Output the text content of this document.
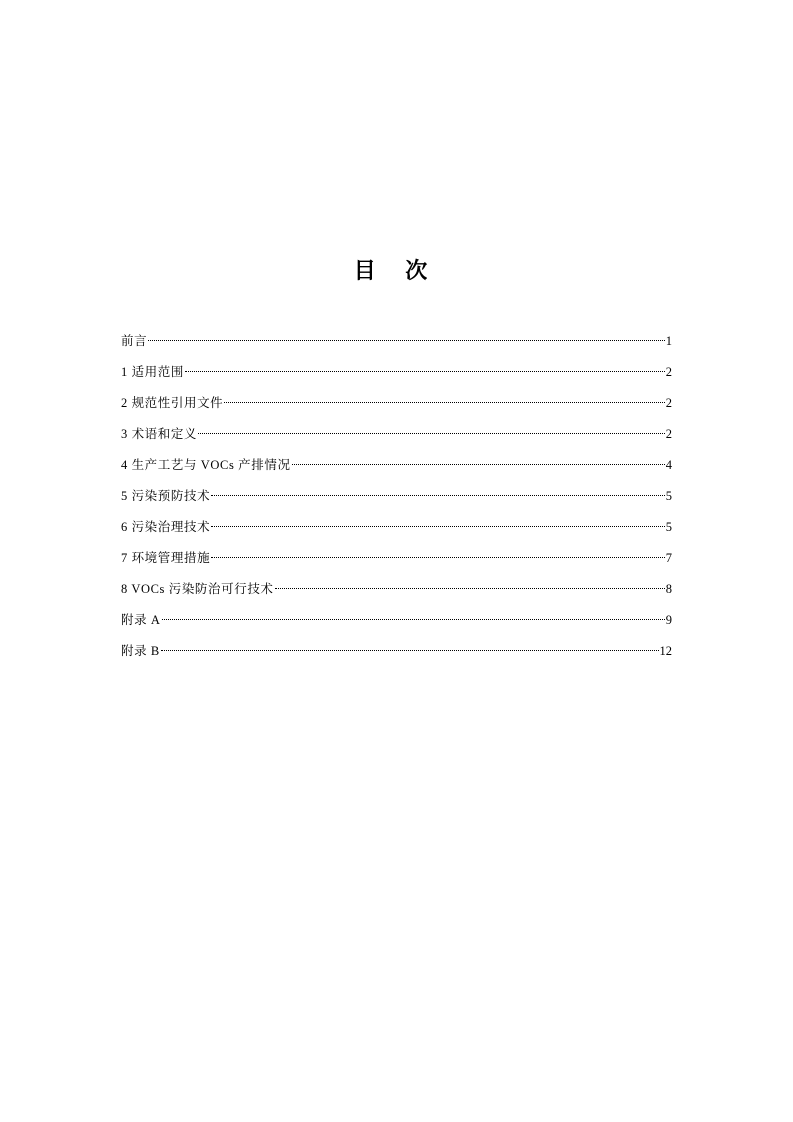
目 次
前言	1
1 适用范围	2
2 规范性引用文件	2
3 术语和定义	2
4 生产工艺与 VOCs 产排情况	4
5 污染预防技术	5
6 污染治理技术	5
7 环境管理措施	7
8 VOCs 污染防治可行技术	8
附录 A	9
附录 B	12
